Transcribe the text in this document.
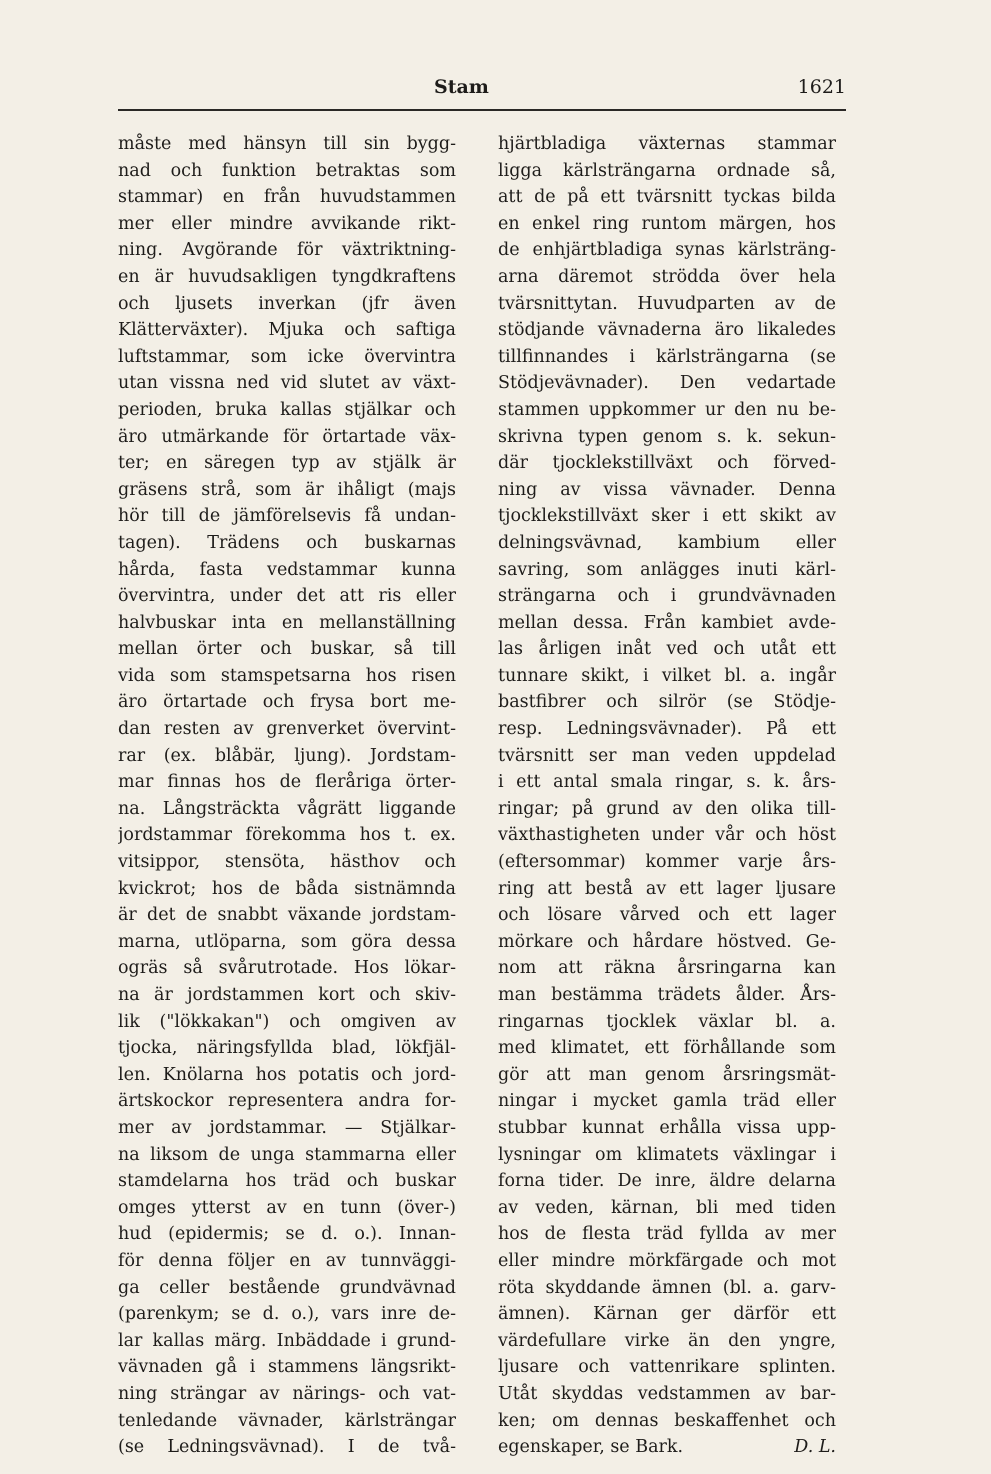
Stam	1621
måste med hänsyn till sin bygg-
nad och funktion betraktas som
stammar) en från huvudstammen
mer eller mindre avvikande rikt-
ning. Avgörande för växtriktning-
en är huvudsakligen tyngdkraftens
och ljusets inverkan (jfr även
Klätterväxter). Mjuka och saftiga
luftstammar, som icke övervintra
utan vissna ned vid slutet av växt-
perioden, bruka kallas stjälkar och
äro utmärkande för örtartade väx-
ter; en säregen typ av stjälk är
gräsens strå, som är ihåligt (majs
hör till de jämförelsevis få undan-
tagen). Trädens och buskarnas
hårda, fasta vedstammar kunna
övervintra, under det att ris eller
halvbuskar inta en mellanställning
mellan örter och buskar, så till
vida som stamspetsarna hos risen
äro örtartade och frysa bort me-
dan resten av grenverket övervint-
rar (ex. blåbär, ljung). Jordstam-
mar finnas hos de fleråriga örter-
na. Långsträckta vågrätt liggande
jordstammar förekomma hos t. ex.
vitsippor, stensöta, hästhov och
kvickrot; hos de båda sistnämnda
är det de snabbt växande jordstam-
marna, utlöparna, som göra dessa
ogräs så svårutrotade. Hos lökar-
na är jordstammen kort och skiv-
lik ("lökkakan") och omgiven av
tjocka, näringsfyllda blad, lökfjäl-
len. Knölarna hos potatis och jord-
ärtskockor representera andra for-
mer av jordstammar. — Stjälkar-
na liksom de unga stammarna eller
stamdelarna hos träd och buskar
omges ytterst av en tunn (över-)
hud (epidermis; se d. o.). Innan-
för denna följer en av tunnväggi-
ga celler bestående grundvävnad
(parenkym; se d. o.), vars inre de-
lar kallas märg. Inbäddade i grund-
vävnaden gå i stammens längsrikt-
ning strängar av närings- och vat-
tenledande vävnader, kärlsträngar
(se Ledningsvävnad). I de två-
hjärtbladiga växternas stammar
ligga kärlsträngarna ordnade så,
att de på ett tvärsnitt tyckas bilda
en enkel ring runtom märgen, hos
de enhjärtbladiga synas kärlsträng-
arna däremot strödda över hela
tvärsnittytan. Huvudparten av de
stödjande vävnaderna äro likaledes
tillfinnandes i kärlsträngarna (se
Stödjevävnader). Den vedartade
stammen uppkommer ur den nu be-
skrivna typen genom s. k. sekun-
där tjocklekstillväxt och förved-
ning av vissa vävnader. Denna
tjocklekstillväxt sker i ett skikt av
delningsvävnad, kambium eller
savring, som anlägges inuti kärl-
strängarna och i grundvävnaden
mellan dessa. Från kambiet avde-
las årligen inåt ved och utåt ett
tunnare skikt, i vilket bl. a. ingår
bastfibrer och silrör (se Stödje-
resp. Ledningsvävnader). På ett
tvärsnitt ser man veden uppdelad
i ett antal smala ringar, s. k. års-
ringar; på grund av den olika till-
växthastigheten under vår och höst
(eftersommar) kommer varje års-
ring att bestå av ett lager ljusare
och lösare vårved och ett lager
mörkare och hårdare höstved. Ge-
nom att räkna årsringarna kan
man bestämma trädets ålder. Års-
ringarnas tjocklek växlar bl. a.
med klimatet, ett förhållande som
gör att man genom årsringsmät-
ningar i mycket gamla träd eller
stubbar kunnat erhålla vissa upp-
lysningar om klimatets växlingar i
forna tider. De inre, äldre delarna
av veden, kärnan, bli med tiden
hos de flesta träd fyllda av mer
eller mindre mörkfärgade och mot
röta skyddande ämnen (bl. a. garv-
ämnen). Kärnan ger därför ett
värdefullare virke än den yngre,
ljusare och vattenrikare splinten.
Utåt skyddas vedstammen av bar-
ken; om dennas beskaffenhet och
egenskaper, se Bark.	D. L.
